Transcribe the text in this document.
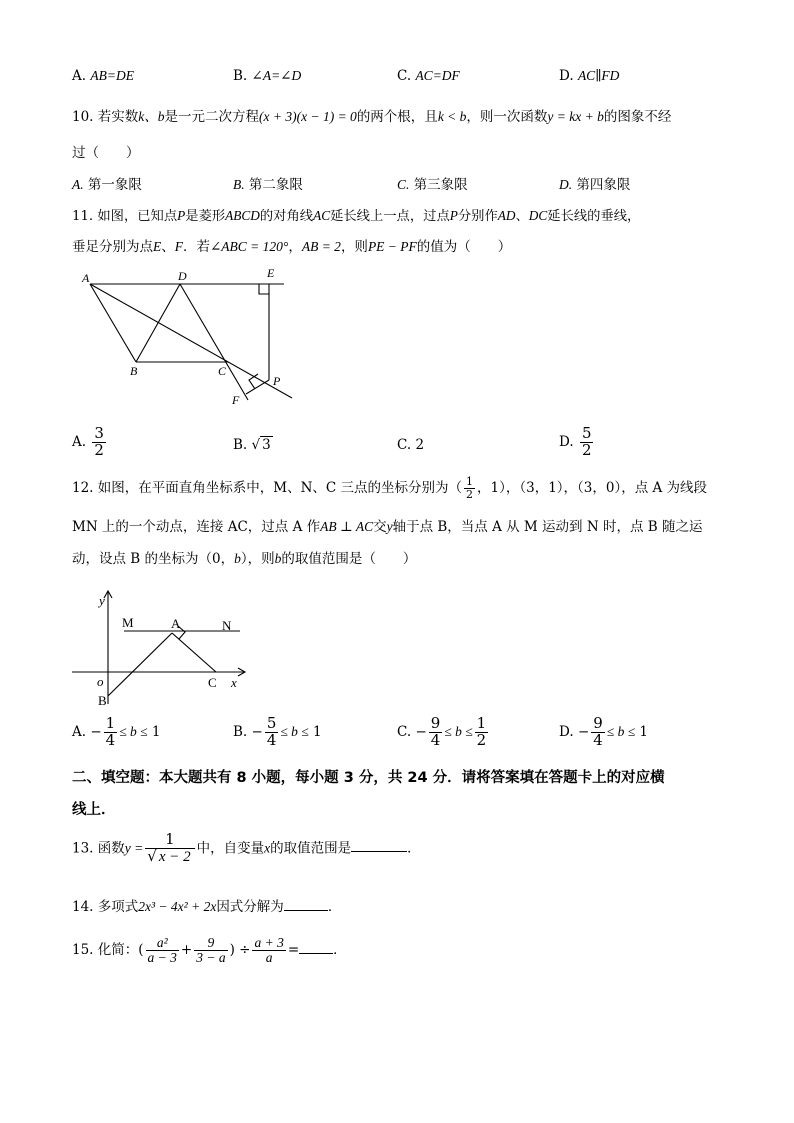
A. AB=DE	B. ∠A=∠D	C. AC=DF	D. AC∥FD
10. 若实数k、b是一元二次方程(x + 3)(x − 1) = 0的两个根，且k < b，则一次函数y = kx + b的图象不经
过（　　）
A. 第一象限	B. 第二象限	C. 第三象限	D. 第四象限
11. 如图，已知点P是菱形ABCD的对角线AC延长线上一点，过点P分别作AD、DC延长线的垂线，
垂足分别为点E、F．若∠ABC = 120°，AB = 2，则PE − PF的值为（　　）
A	D	E
B	C
P
F
A. $\frac{3}{2}$	B. √ 3	C. 2	D. $\frac{5}{2}$
12. 如图，在平面直角坐标系中，M、N、C 三点的坐标分别为（ $\frac{1}{2}$ ，1），（3，1），（3，0），点 A 为线段
MN 上的一个动点，连接 AC，过点 A 作AB ⊥ AC交y轴于点 B，当点 A 从 M 运动到 N 时，点 B 随之运
动，设点 B 的坐标为（0，b），则b的取值范围是（　　）
y
M	A	N
o
B
C x
A. − $\frac{1}{4} \le b \le 1$	B. − $\frac{5}{4} \le b \le 1$	C. − $\frac{9}{4} \le b \le \frac{1}{2}$	D. − $\frac{9}{4} \le b \le 1$
二、填空题：本大题共有 8 小题，每小题 3 分，共 24 分．请将答案填在答题卡上的对应横
线上．
13. 函数$y = \frac{1}{√ x - 2}$ 中，自变量x的取值范围是	．
14. 多项式2x³ − 4x² + 2x因式分解为	．
15. 化简：( $\frac{\text{a²}}{a - 3} + \frac{9}{3 - a}$ ) ÷ $\frac{a + 3}{a}$ =	．
